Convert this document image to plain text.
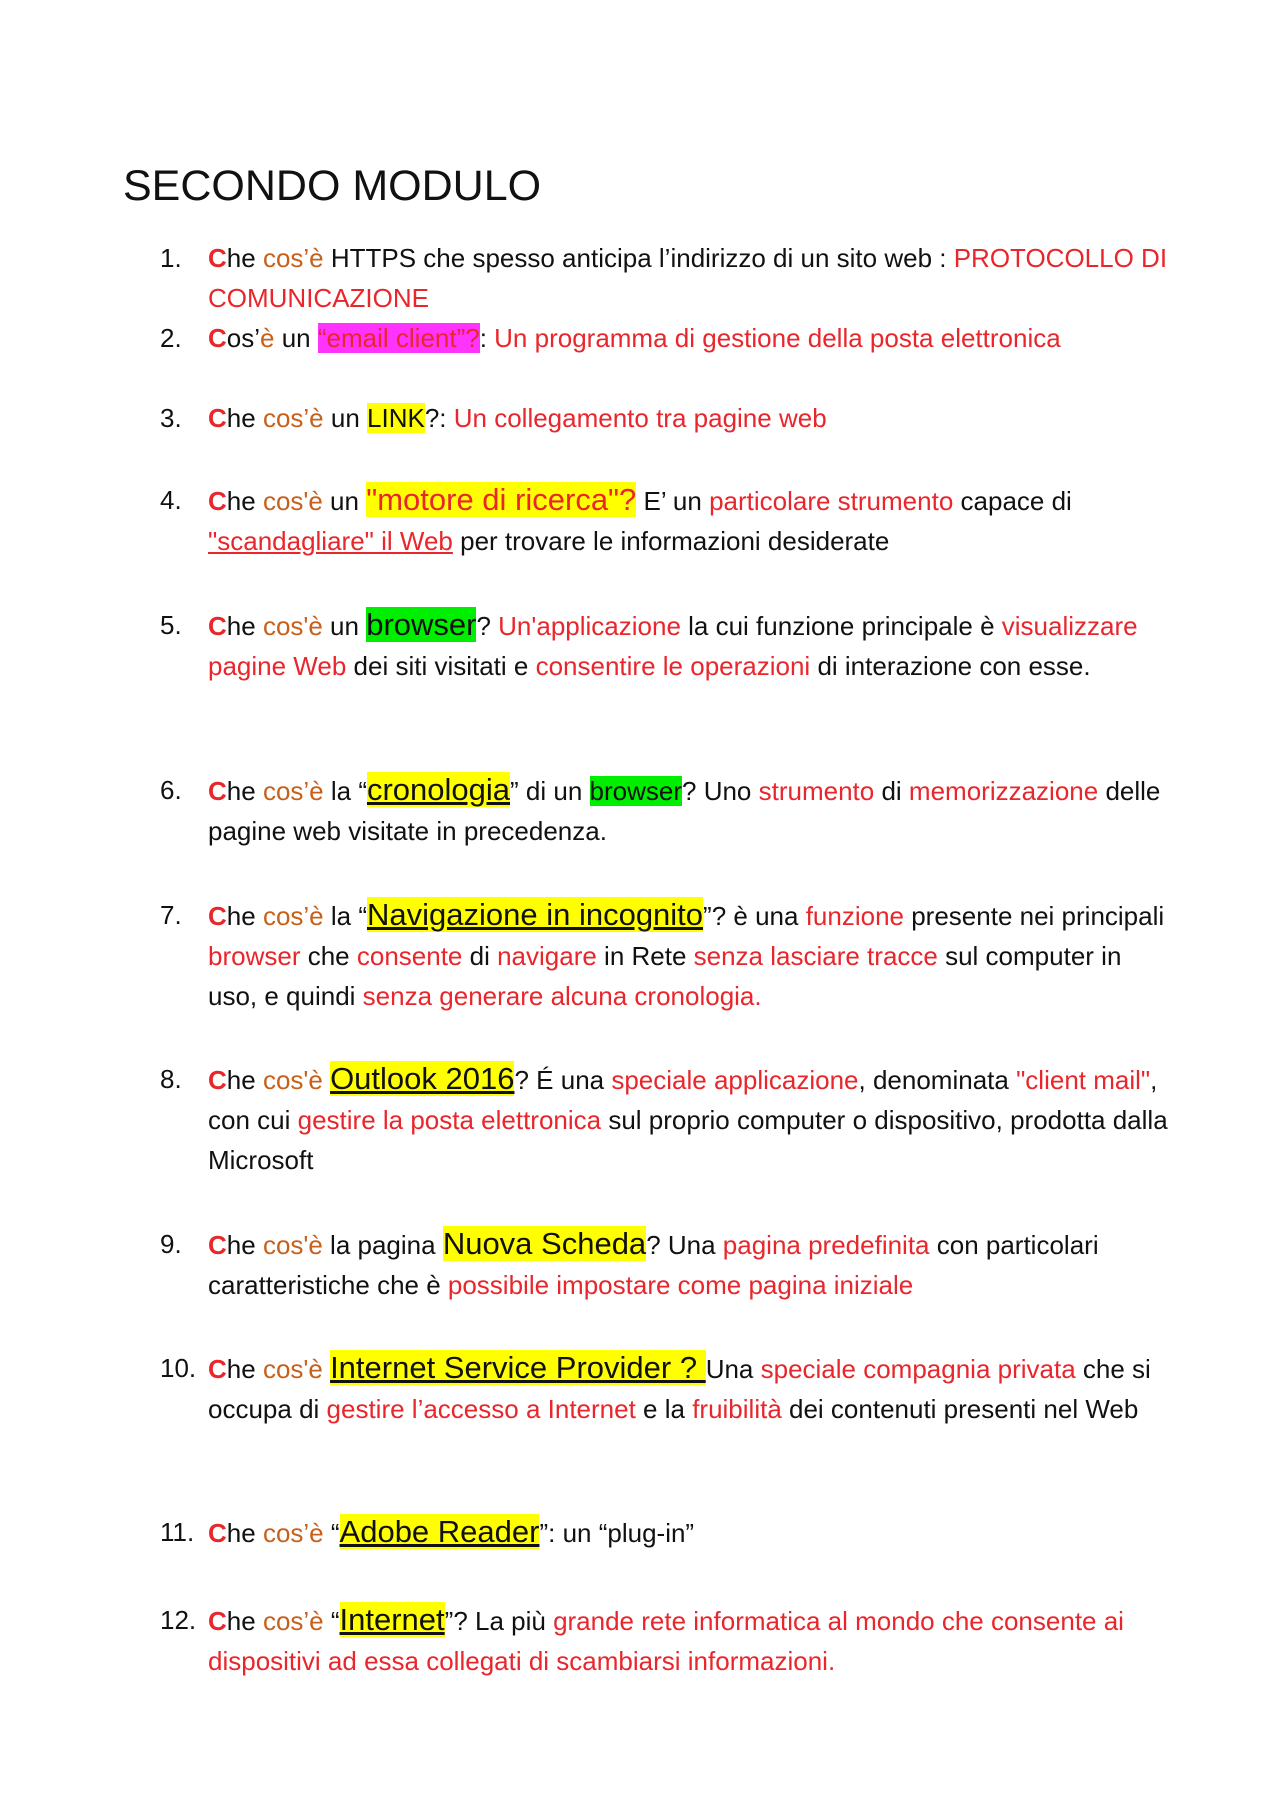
SECONDO MODULO
1.	Che cos’è HTTPS che spesso anticipa l’indirizzo di un sito web : PROTOCOLLO DI COMUNICAZIONE
2.	Cos’è un “email client”?: Un programma di gestione della posta elettronica
3.	Che cos’è un LINK?: Un collegamento tra pagine web
4.	Che cos'è un "motore di ricerca"? E’ un particolare strumento capace di "scandagliare" il Web per trovare le informazioni desiderate
5.	Che cos'è un browser? Un'applicazione la cui funzione principale è visualizzare pagine Web dei siti visitati e consentire le operazioni di interazione con esse.
6.	Che cos’è la “cronologia” di un browser? Uno strumento di memorizzazione delle pagine web visitate in precedenza.
7.	Che cos’è la “Navigazione in incognito”? è una funzione presente nei principali browser che consente di navigare in Rete senza lasciare tracce sul computer in uso, e quindi senza generare alcuna cronologia.
8.	Che cos'è Outlook 2016? É una speciale applicazione, denominata "client mail", con cui gestire la posta elettronica sul proprio computer o dispositivo, prodotta dalla Microsoft
9.	Che cos'è la pagina Nuova Scheda? Una pagina predefinita con particolari caratteristiche che è possibile impostare come pagina iniziale
10. Che cos'è Internet Service Provider ? Una speciale compagnia privata che si occupa di gestire l’accesso a Internet e la fruibilità dei contenuti presenti nel Web
11. Che cos’è “Adobe Reader”: un “plug-in”
12. Che cos’è “Internet”? La più grande rete informatica al mondo che consente ai dispositivi ad essa collegati di scambiarsi informazioni.
